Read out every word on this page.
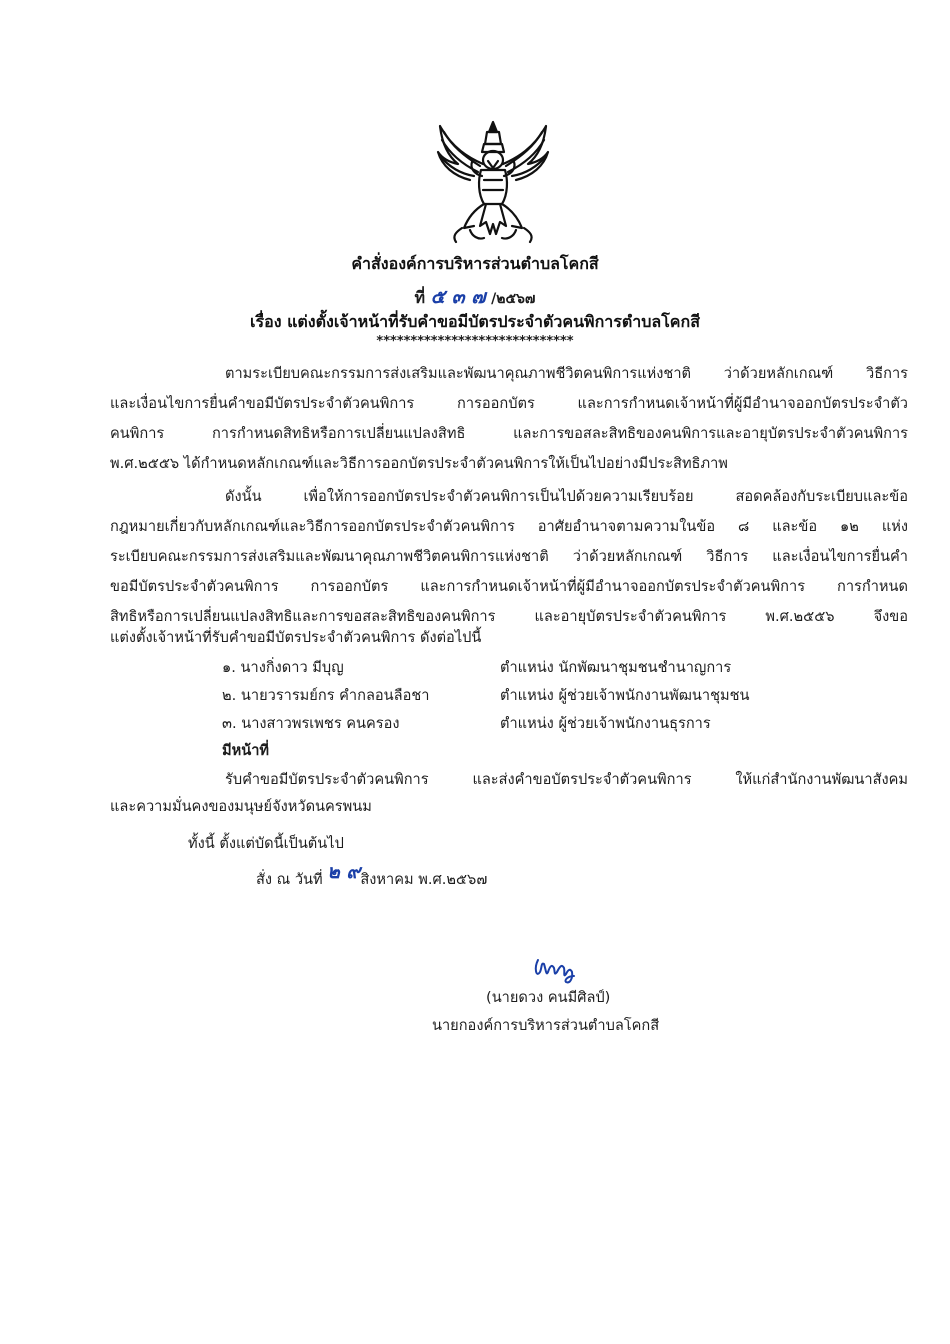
คำสั่งองค์การบริหารส่วนตำบลโคกสี
ที่ ๕ ๓ ๗ /๒๕๖๗
เรื่อง แต่งตั้งเจ้าหน้าที่รับคำขอมีบัตรประจำตัวคนพิการตำบลโคกสี
*****************************
ตามระเบียบคณะกรรมการส่งเสริมและพัฒนาคุณภาพชีวิตคนพิการแห่งชาติ ว่าด้วยหลักเกณฑ์ วิธีการ
และเงื่อนไขการยื่นคำขอมีบัตรประจำตัวคนพิการ การออกบัตร และการกำหนดเจ้าหน้าที่ผู้มีอำนาจออกบัตรประจำตัว
คนพิการ การกำหนดสิทธิหรือการเปลี่ยนแปลงสิทธิ และการขอสละสิทธิของคนพิการและอายุบัตรประจำตัวคนพิการ
พ.ศ.๒๕๕๖ ได้กำหนดหลักเกณฑ์และวิธีการออกบัตรประจำตัวคนพิการให้เป็นไปอย่างมีประสิทธิภาพ
ดังนั้น เพื่อให้การออกบัตรประจำตัวคนพิการเป็นไปด้วยความเรียบร้อย สอดคล้องกับระเบียบและข้อ
กฎหมายเกี่ยวกับหลักเกณฑ์และวิธีการออกบัตรประจำตัวคนพิการ อาศัยอำนาจตามความในข้อ ๘ และข้อ ๑๒ แห่ง
ระเบียบคณะกรรมการส่งเสริมและพัฒนาคุณภาพชีวิตคนพิการแห่งชาติ ว่าด้วยหลักเกณฑ์ วิธีการ และเงื่อนไขการยื่นคำ
ขอมีบัตรประจำตัวคนพิการ การออกบัตร และการกำหนดเจ้าหน้าที่ผู้มีอำนาจออกบัตรประจำตัวคนพิการ การกำหนด
สิทธิหรือการเปลี่ยนแปลงสิทธิและการขอสละสิทธิของคนพิการ และอายุบัตรประจำตัวคนพิการ พ.ศ.๒๕๕๖ จึงขอ
แต่งตั้งเจ้าหน้าที่รับคำขอมีบัตรประจำตัวคนพิการ ดังต่อไปนี้
๑. นางกิ่งดาว มีบุญ	ตำแหน่ง นักพัฒนาชุมชนชำนาญการ
๒. นายวรารมย์กร คำกลอนลือชา	ตำแหน่ง ผู้ช่วยเจ้าพนักงานพัฒนาชุมชน
๓. นางสาวพรเพชร คนครอง	ตำแหน่ง ผู้ช่วยเจ้าพนักงานธุรการ
มีหน้าที่
รับคำขอมีบัตรประจำตัวคนพิการ และส่งคำขอบัตรประจำตัวคนพิการ ให้แก่สำนักงานพัฒนาสังคม
และความมั่นคงของมนุษย์จังหวัดนครพนม
ทั้งนี้ ตั้งแต่บัดนี้เป็นต้นไป
สั่ง ณ วันที่ ๒ ๙สิงหาคม พ.ศ.๒๕๖๗
(นายดวง คนมีศิลป์)
นายกองค์การบริหารส่วนตำบลโคกสี
